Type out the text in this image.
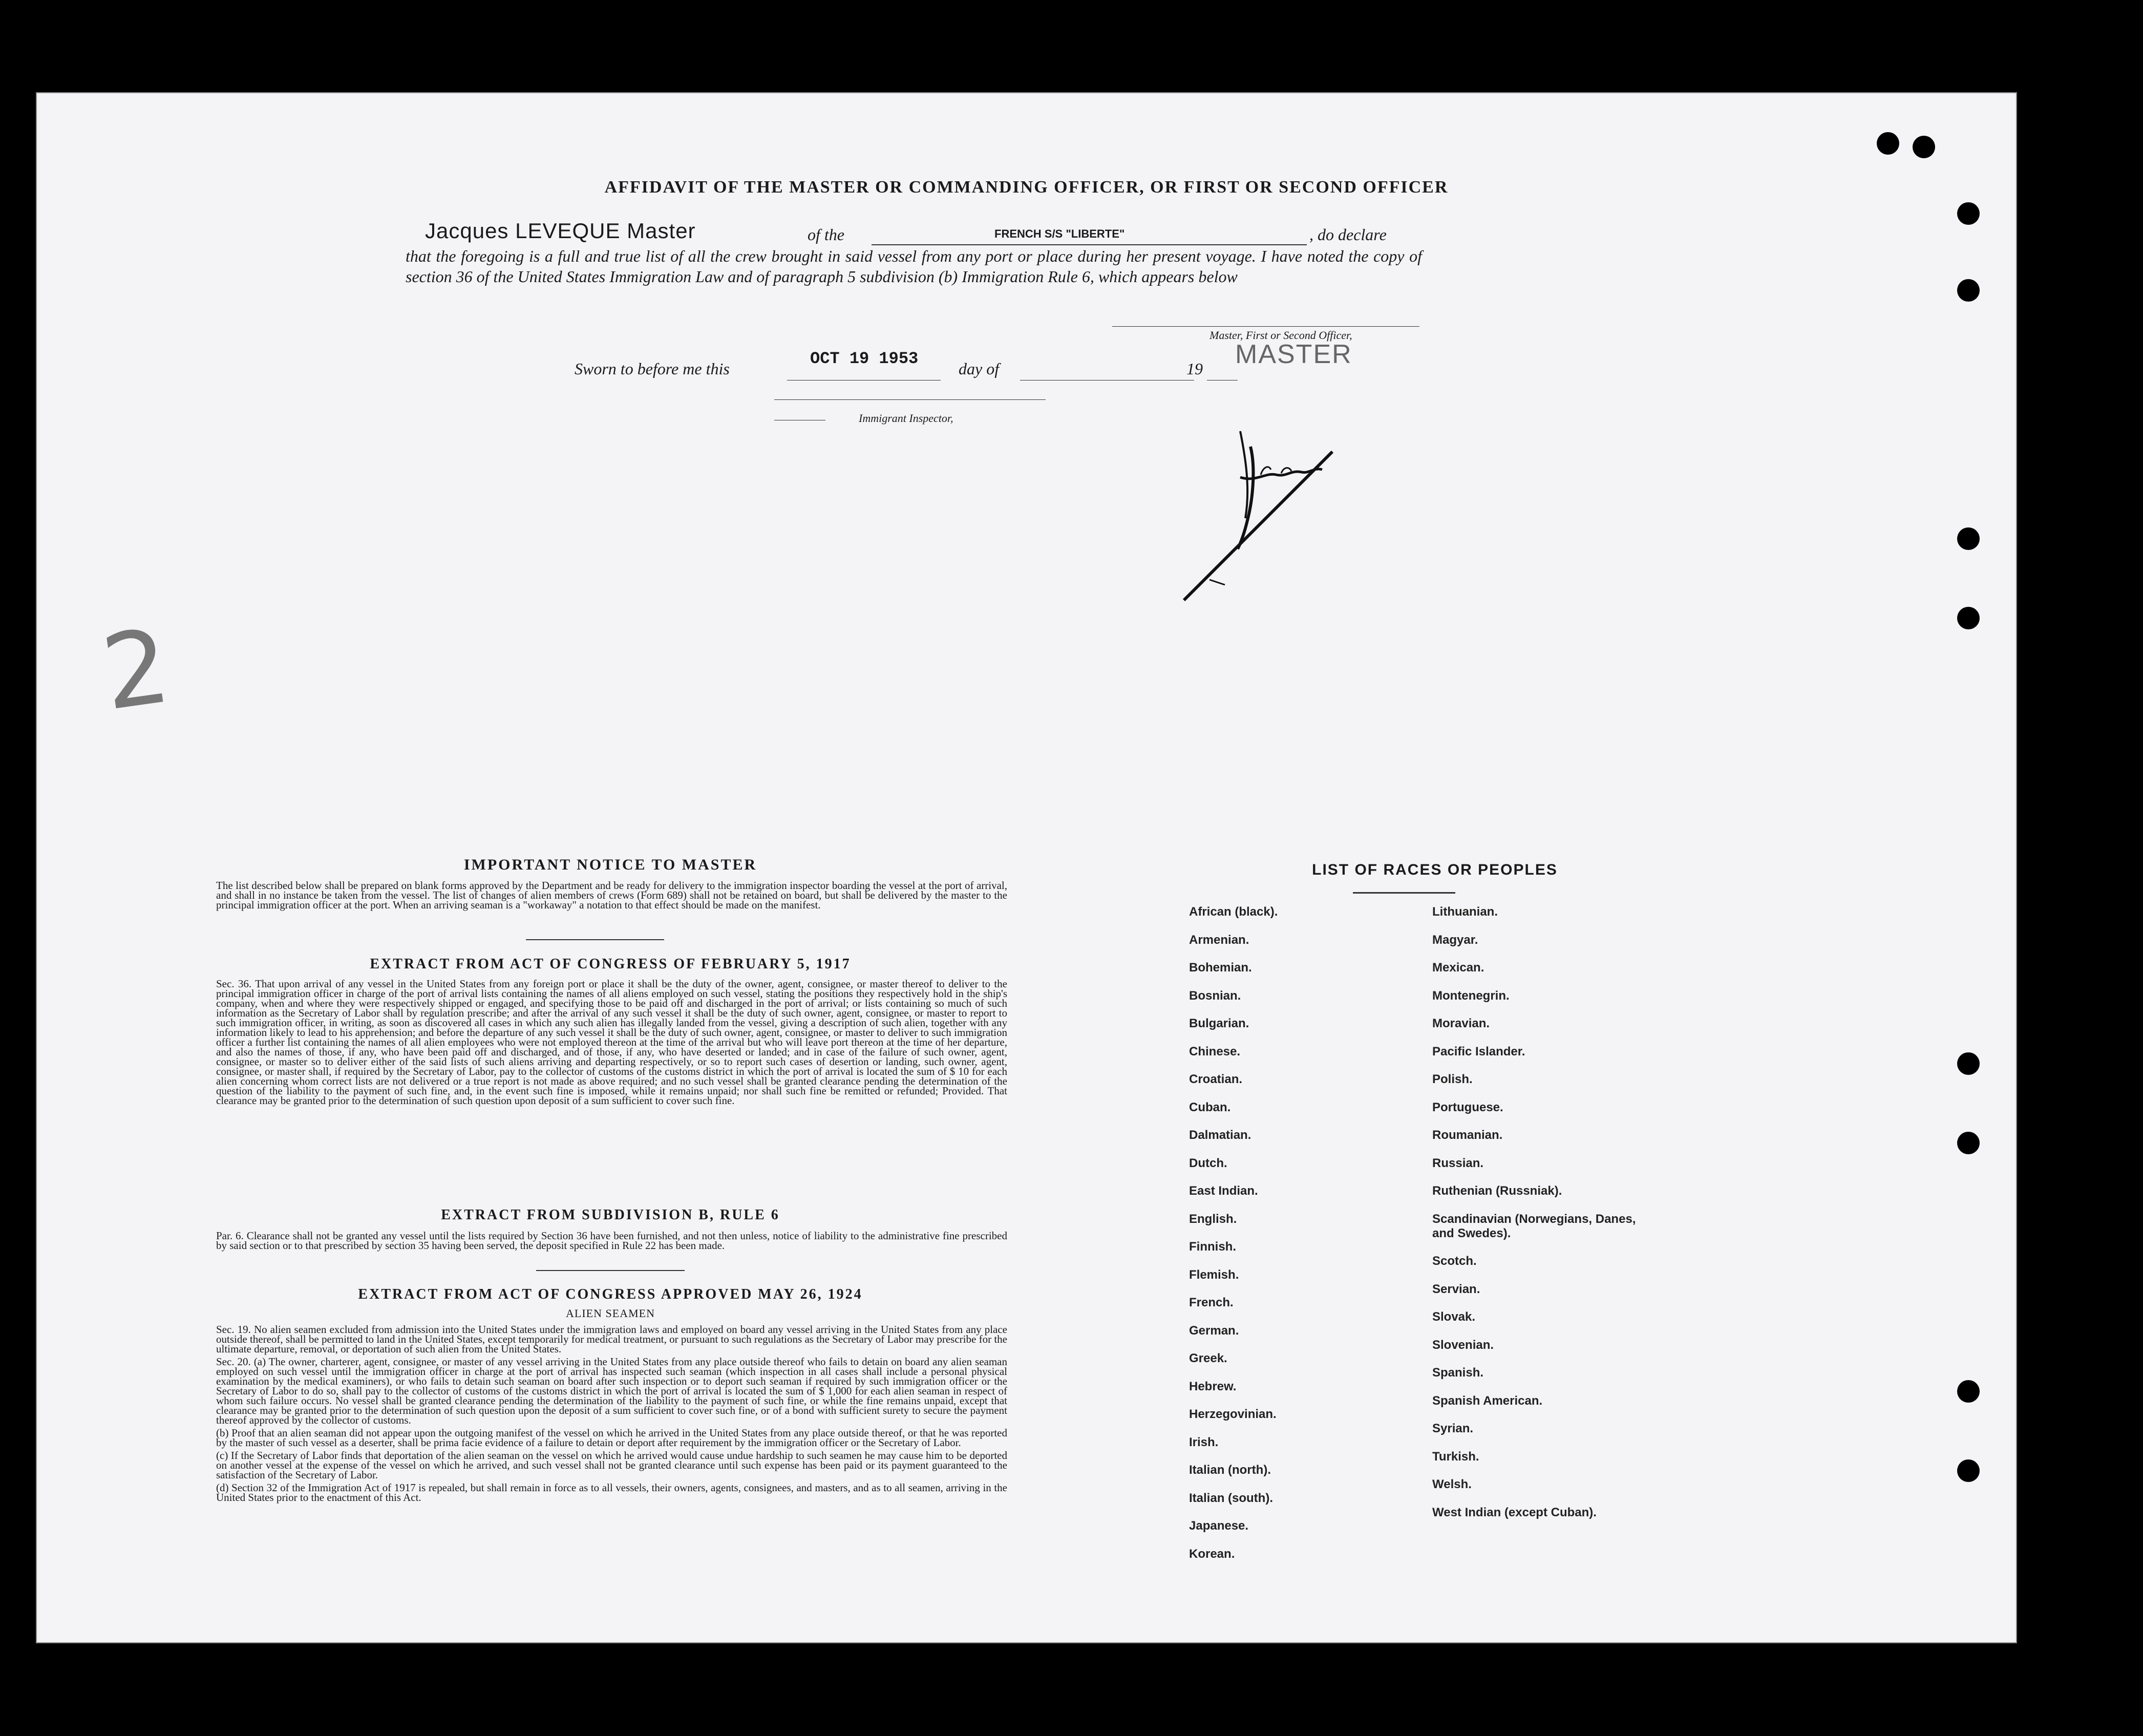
AFFIDAVIT OF THE MASTER OR COMMANDING OFFICER, OR FIRST OR SECOND OFFICER
Jacques LEVEQUE Master	of the	FRENCH S/S "LIBERTE"	, do declare
that the foregoing is a full and true list of all the crew brought in said vessel from any port or place during her present voyage. I have noted the copy of section 36 of the United States Immigration Law and of paragraph 5 subdivision (b) Immigration Rule 6, which appears below
Master, First or Second Officer,
MASTER
Sworn to before me this
OCT 19 1953
day of	19
Immigrant Inspector,
2
IMPORTANT NOTICE TO MASTER
The list described below shall be prepared on blank forms approved by the Department and be ready for delivery to the immigration inspector boarding the vessel at the port of arrival, and shall in no instance be taken from the vessel. The list of changes of alien members of crews (Form 689) shall not be retained on board, but shall be delivered by the master to the principal immigration officer at the port. When an arriving seaman is a "workaway" a notation to that effect should be made on the manifest.
EXTRACT FROM ACT OF CONGRESS OF FEBRUARY 5, 1917
Sec. 36. That upon arrival of any vessel in the United States from any foreign port or place it shall be the duty of the owner, agent, consignee, or master thereof to deliver to the principal immigration officer in charge of the port of arrival lists containing the names of all aliens employed on such vessel, stating the positions they respectively hold in the ship's company, when and where they were respectively shipped or engaged, and specifying those to be paid off and discharged in the port of arrival; or lists containing so much of such information as the Secretary of Labor shall by regulation prescribe; and after the arrival of any such vessel it shall be the duty of such owner, agent, consignee, or master to report to such immigration officer, in writing, as soon as discovered all cases in which any such alien has illegally landed from the vessel, giving a description of such alien, together with any information likely to lead to his apprehension; and before the departure of any such vessel it shall be the duty of such owner, agent, consignee, or master to deliver to such immigration officer a further list containing the names of all alien employees who were not employed thereon at the time of the arrival but who will leave port thereon at the time of her departure, and also the names of those, if any, who have been paid off and discharged, and of those, if any, who have deserted or landed; and in case of the failure of such owner, agent, consignee, or master so to deliver either of the said lists of such aliens arriving and departing respectively, or so to report such cases of desertion or landing, such owner, agent, consignee, or master shall, if required by the Secretary of Labor, pay to the collector of customs of the customs district in which the port of arrival is located the sum of $ 10 for each alien concerning whom correct lists are not delivered or a true report is not made as above required; and no such vessel shall be granted clearance pending the determination of the question of the liability to the payment of such fine, and, in the event such fine is imposed, while it remains unpaid; nor shall such fine be remitted or refunded; Provided. That clearance may be granted prior to the determination of such question upon deposit of a sum sufficient to cover such fine.
EXTRACT FROM SUBDIVISION B, RULE 6
Par. 6. Clearance shall not be granted any vessel until the lists required by Section 36 have been furnished, and not then unless, notice of liability to the administrative fine prescribed by said section or to that prescribed by section 35 having been served, the deposit specified in Rule 22 has been made.
EXTRACT FROM ACT OF CONGRESS APPROVED MAY 26, 1924
ALIEN SEAMEN

Sec. 19. No alien seamen excluded from admission into the United States under the immigration laws and employed on board any vessel arriving in the United States from any place outside thereof, shall be permitted to land in the United States, except temporarily for medical treatment, or pursuant to such regulations as the Secretary of Labor may prescribe for the ultimate departure, removal, or deportation of such alien from the United States.

Sec. 20. (a) The owner, charterer, agent, consignee, or master of any vessel arriving in the United States from any place outside thereof who fails to detain on board any alien seaman employed on such vessel until the immigration officer in charge at the port of arrival has inspected such seaman (which inspection in all cases shall include a personal physical examination by the medical examiners), or who fails to detain such seaman on board after such inspection or to deport such seaman if required by such immigration officer or the Secretary of Labor to do so, shall pay to the collector of customs of the customs district in which the port of arrival is located the sum of $ 1,000 for each alien seaman in respect of whom such failure occurs. No vessel shall be granted clearance pending the determination of the liability to the payment of such fine, or while the fine remains unpaid, except that clearance may be granted prior to the determination of such question upon the deposit of a sum sufficient to cover such fine, or of a bond with sufficient surety to secure the payment thereof approved by the collector of customs.

(b) Proof that an alien seaman did not appear upon the outgoing manifest of the vessel on which he arrived in the United States from any place outside thereof, or that he was reported by the master of such vessel as a deserter, shall be prima facie evidence of a failure to detain or deport after requirement by the immigration officer or the Secretary of Labor.

(c) If the Secretary of Labor finds that deportation of the alien seaman on the vessel on which he arrived would cause undue hardship to such seamen he may cause him to be deported on another vessel at the expense of the vessel on which he arrived, and such vessel shall not be granted clearance until such expense has been paid or its payment guaranteed to the satisfaction of the Secretary of Labor.

(d) Section 32 of the Immigration Act of 1917 is repealed, but shall remain in force as to all vessels, their owners, agents, consignees, and masters, and as to all seamen, arriving in the United States prior to the enactment of this Act.

LIST OF RACES OR PEOPLES
African (black).
Armenian.
Bohemian.
Bosnian.
Bulgarian.
Chinese.
Croatian.
Cuban.
Dalmatian.
Dutch.
East Indian.
English.
Finnish.
Flemish.
French.
German.
Greek.
Hebrew.
Herzegovinian.
Irish.
Italian (north).
Italian (south).
Japanese.
Korean.
Lithuanian.
Magyar.
Mexican.
Montenegrin.
Moravian.
Pacific Islander.
Polish.
Portuguese.
Roumanian.
Russian.
Ruthenian (Russniak).
Scandinavian (Norwegians, Danes, and Swedes).
Scotch.
Servian.
Slovak.
Slovenian.
Spanish.
Spanish American.
Syrian.
Turkish.
Welsh.
West Indian (except Cuban).
